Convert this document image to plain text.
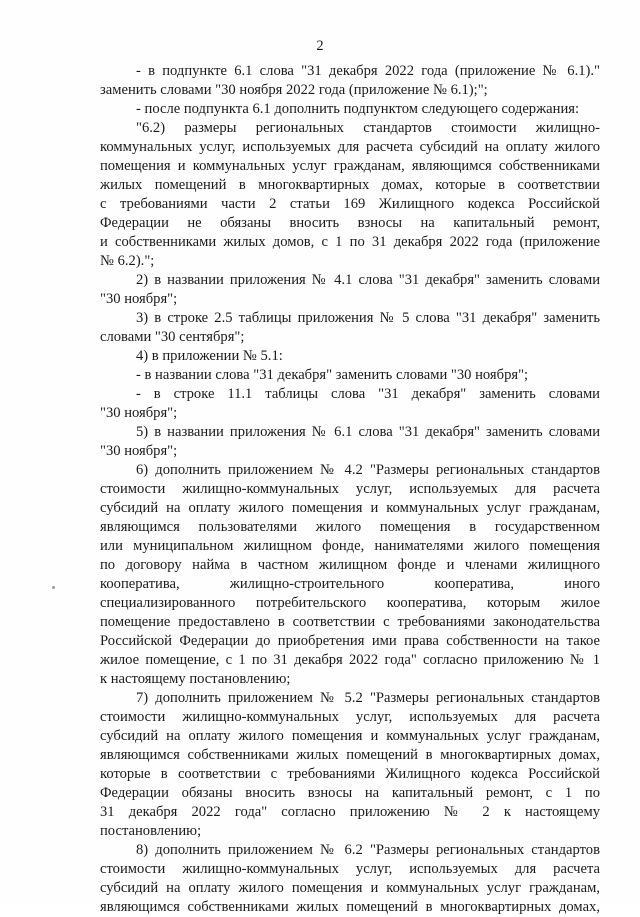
2
- в подпункте 6.1 слова "31 декабря 2022 года (приложение № 6.1)."
заменить словами "30 ноября 2022 года (приложение № 6.1);";
- после подпункта 6.1 дополнить подпунктом следующего содержания:
"6.2) размеры региональных стандартов стоимости жилищно-
коммунальных услуг, используемых для расчета субсидий на оплату жилого
помещения и коммунальных услуг гражданам, являющимся собственниками
жилых помещений в многоквартирных домах, которые в соответствии
с требованиями части 2 статьи 169 Жилищного кодекса Российской
Федерации не обязаны вносить взносы на капитальный ремонт,
и собственниками жилых домов, с 1 по 31 декабря 2022 года (приложение
№ 6.2).";
2) в названии приложения № 4.1 слова "31 декабря" заменить словами
"30 ноября";
3) в строке 2.5 таблицы приложения № 5 слова "31 декабря" заменить
словами "30 сентября";
4) в приложении № 5.1:
- в названии слова "31 декабря" заменить словами "30 ноября";
- в строке 11.1 таблицы слова "31 декабря" заменить словами
"30 ноября";
5) в названии приложения № 6.1 слова "31 декабря" заменить словами
"30 ноября";
6) дополнить приложением № 4.2 "Размеры региональных стандартов
стоимости жилищно-коммунальных услуг, используемых для расчета
субсидий на оплату жилого помещения и коммунальных услуг гражданам,
являющимся пользователями жилого помещения в государственном
или муниципальном жилищном фонде, нанимателями жилого помещения
по договору найма в частном жилищном фонде и членами жилищного
кооператива, жилищно-строительного кооператива, иного
специализированного потребительского кооператива, которым жилое
помещение предоставлено в соответствии с требованиями законодательства
Российской Федерации до приобретения ими права собственности на такое
жилое помещение, с 1 по 31 декабря 2022 года" согласно приложению № 1
к настоящему постановлению;
7) дополнить приложением № 5.2 "Размеры региональных стандартов
стоимости жилищно-коммунальных услуг, используемых для расчета
субсидий на оплату жилого помещения и коммунальных услуг гражданам,
являющимся собственниками жилых помещений в многоквартирных домах,
которые в соответствии с требованиями Жилищного кодекса Российской
Федерации обязаны вносить взносы на капитальный ремонт, с 1 по
31 декабря 2022 года" согласно приложению № 2 к настоящему
постановлению;
8) дополнить приложением № 6.2 "Размеры региональных стандартов
стоимости жилищно-коммунальных услуг, используемых для расчета
субсидий на оплату жилого помещения и коммунальных услуг гражданам,
являющимся собственниками жилых помещений в многоквартирных домах,
